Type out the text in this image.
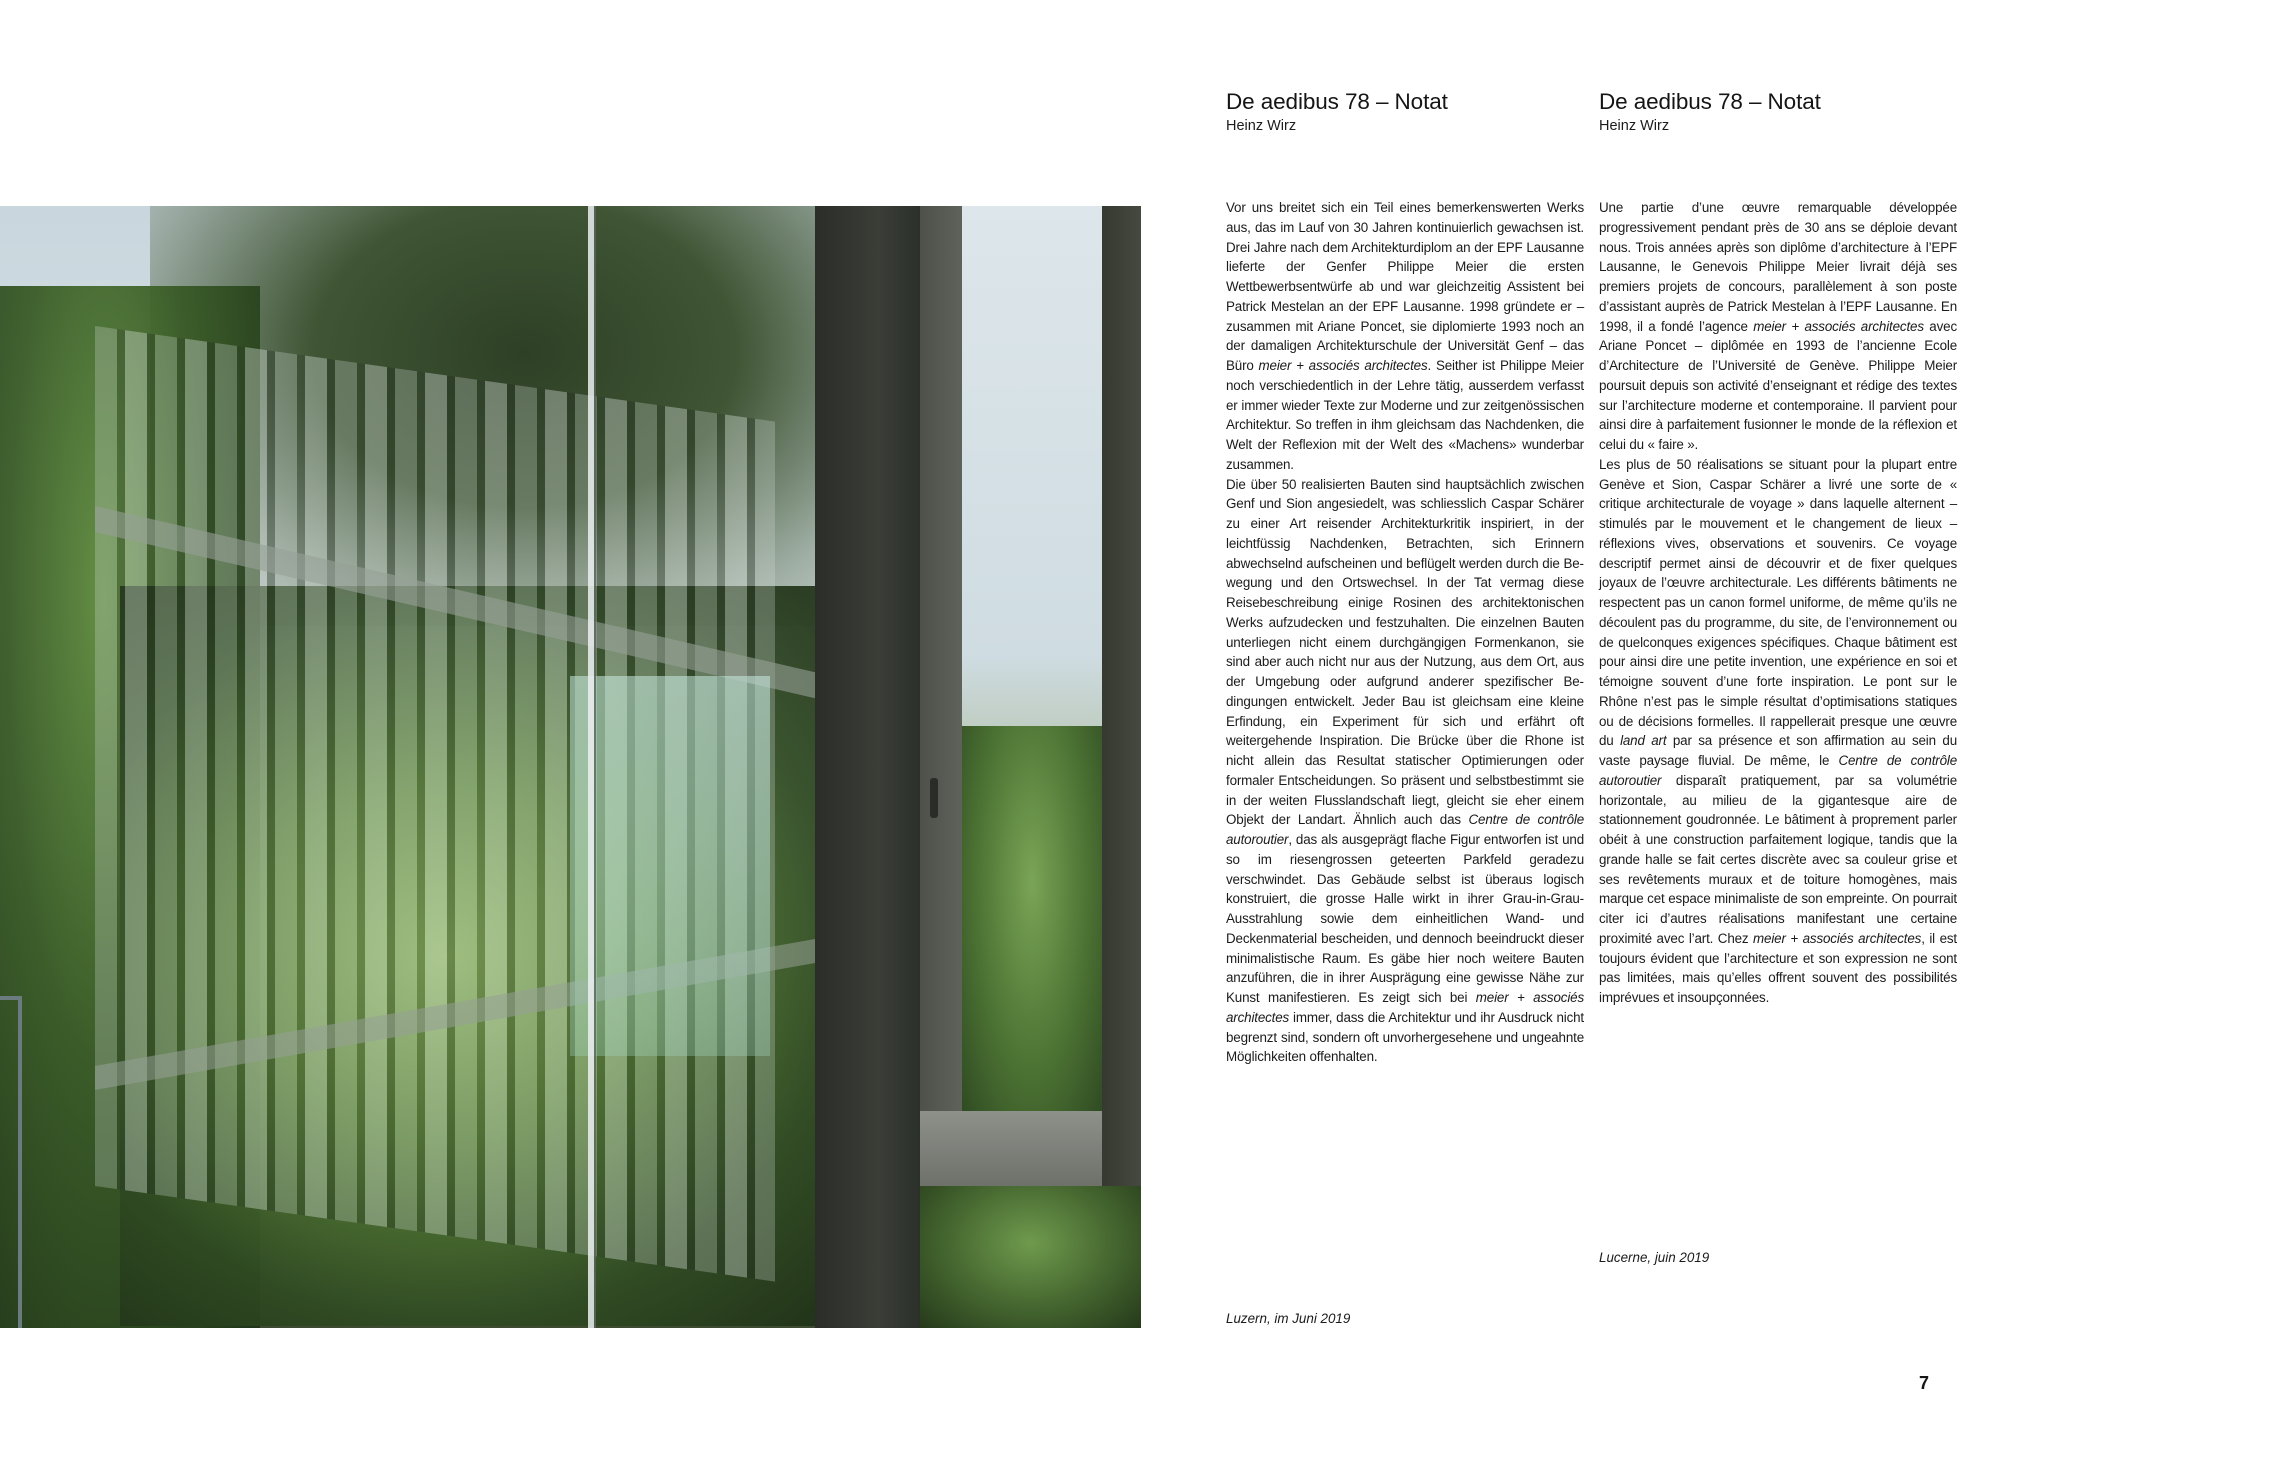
De aedibus 78 – Notat
Heinz Wirz

Vor uns breitet sich ein Teil eines bemerkenswerten Werks aus, das im Lauf von 30 Jahren kontinuierlich gewachsen ist. Drei Jahre nach dem Architekturdiplom an der EPF Lausanne lieferte der Genfer Philippe Meier die ersten Wettbewerbsentwürfe ab und war gleichzeitig Assistent bei Patrick Mestelan an der EPF Lausanne. 1998 gründete er – zusammen mit Ariane Poncet, sie diplomierte 1993 noch an der damaligen Architekturschule der Universität Genf – das Büro meier + associés architectes. Seither ist Philippe Meier noch verschiedentlich in der Lehre tätig, ausserdem verfasst er immer wieder Texte zur Moderne und zur zeitgenössischen Architektur. So treffen in ihm gleichsam das Nachdenken, die Welt der Reflexion mit der Welt des «Machens» wunderbar zusammen.

Die über 50 realisierten Bauten sind hauptsächlich zwischen Genf und Sion angesiedelt, was schliesslich Caspar Schärer zu einer Art reisender Architekturkritik inspiriert, in der leichtfüssig Nachdenken, Betrachten, sich Erinnern abwechselnd aufscheinen und beflügelt werden durch die Bewegung und den Ortswechsel. In der Tat vermag diese Reisebeschreibung einige Rosinen des architektonischen Werks aufzudecken und festzuhalten. Die einzelnen Bauten unterliegen nicht einem durchgängigen Formenkanon, sie sind aber auch nicht nur aus der Nutzung, aus dem Ort, aus der Umgebung oder aufgrund anderer spezifischer Bedingungen entwickelt. Jeder Bau ist gleichsam eine kleine Erfindung, ein Experiment für sich und erfährt oft weitergehende Inspiration. Die Brücke über die Rhone ist nicht allein das Resultat statischer Optimierungen oder formaler Entscheidungen. So präsent und selbstbestimmt sie in der weiten Flusslandschaft liegt, gleicht sie eher einem Objekt der Landart. Ähnlich auch das Centre de contrôle autoroutier, das als ausgeprägt flache Figur entworfen ist und so im riesengrossen geteerten Parkfeld geradezu verschwindet. Das Gebäude selbst ist überaus logisch konstruiert, die grosse Halle wirkt in ihrer Grau-in-Grau-Ausstrahlung sowie dem einheitlichen Wand- und Deckenmaterial bescheiden, und dennoch beeindruckt dieser minimalistische Raum. Es gäbe hier noch weitere Bauten anzuführen, die in ihrer Ausprägung eine gewisse Nähe zur Kunst manifestieren. Es zeigt sich bei meier + associés architectes immer, dass die Architektur und ihr Ausdruck nicht begrenzt sind, sondern oft unvorhergesehene und ungeahnte Möglichkeiten offenhalten.

Luzern, im Juni 2019
De aedibus 78 – Notat
Heinz Wirz

Une partie d’une œuvre remarquable développée progressivement pendant près de 30 ans se déploie devant nous. Trois années après son diplôme d’architecture à l’EPF Lausanne, le Genevois Philippe Meier livrait déjà ses premiers projets de concours, parallèlement à son poste d’assistant auprès de Patrick Mestelan à l’EPF Lausanne. En 1998, il a fondé l’agence meier + associés architectes avec Ariane Poncet – diplômée en 1993 de l’ancienne Ecole d’Architecture de l’Université de Genève. Philippe Meier poursuit depuis son activité d’enseignant et rédige des textes sur l’architecture moderne et contemporaine. Il parvient pour ainsi dire à parfaitement fusionner le monde de la réflexion et celui du « faire ».

Les plus de 50 réalisations se situant pour la plupart entre Genève et Sion, Caspar Schärer a livré une sorte de « critique architecturale de voyage » dans laquelle alternent – stimulés par le mouvement et le changement de lieux – réflexions vives, observations et souvenirs. Ce voyage descriptif permet ainsi de découvrir et de fixer quelques joyaux de l’œuvre architecturale. Les différents bâtiments ne respectent pas un canon formel uniforme, de même qu’ils ne découlent pas du programme, du site, de l’environnement ou de quelconques exigences spécifiques. Chaque bâtiment est pour ainsi dire une petite invention, une expérience en soi et témoigne souvent d’une forte inspiration. Le pont sur le Rhône n’est pas le simple résultat d’optimisations statiques ou de décisions formelles. Il rappellerait presque une œuvre du land art par sa présence et son affirmation au sein du vaste paysage fluvial. De même, le Centre de contrôle autoroutier disparaît pratiquement, par sa volumétrie horizontale, au milieu de la gigantesque aire de stationnement goudronnée. Le bâtiment à proprement parler obéit à une construction parfaitement logique, tandis que la grande halle se fait certes discrète avec sa couleur grise et ses revêtements muraux et de toiture homogènes, mais marque cet espace minimaliste de son empreinte. On pourrait citer ici d’autres réalisations manifestant une certaine proximité avec l’art. Chez meier + associés architectes, il est toujours évident que l’architecture et son expression ne sont pas limitées, mais qu’elles offrent souvent des possibilités imprévues et insoupçonnées.

Lucerne, juin 2019
7
